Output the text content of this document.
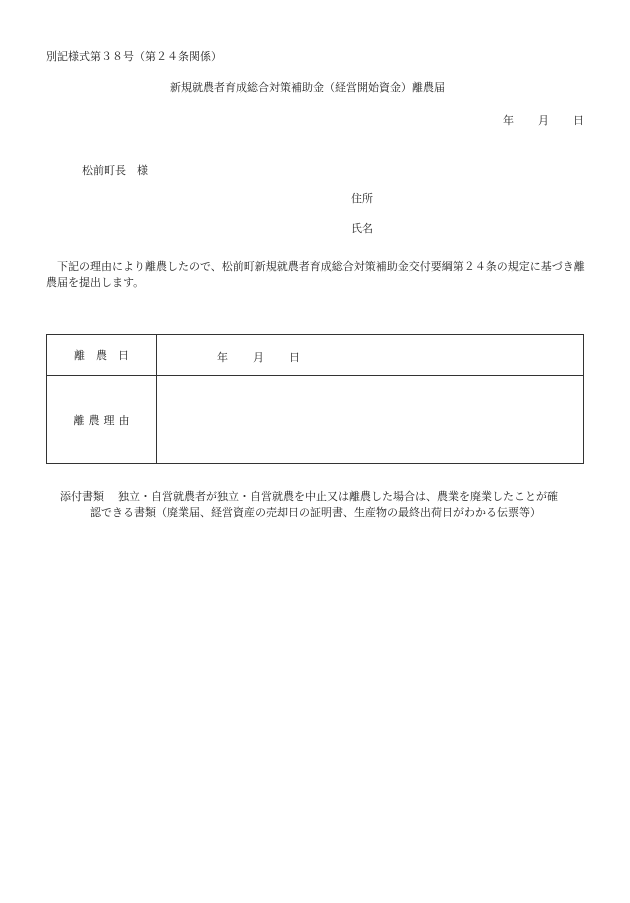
別記様式第３８号（第２４条関係）
新規就農者育成総合対策補助金（経営開始資金）離農届
年 月 日
松前町長　様
住所
氏名
下記の理由により離農したので、松前町新規就農者育成総合対策補助金交付要綱第２４条の規定に基づき離農届を提出します。
離農日	年 月 日
離農理由
添付書類 独立・自営就農者が独立・自営就農を中止又は離農した場合は、農業を廃業したことが確
認できる書類（廃業届、経営資産の売却日の証明書、生産物の最終出荷日がわかる伝票等）
